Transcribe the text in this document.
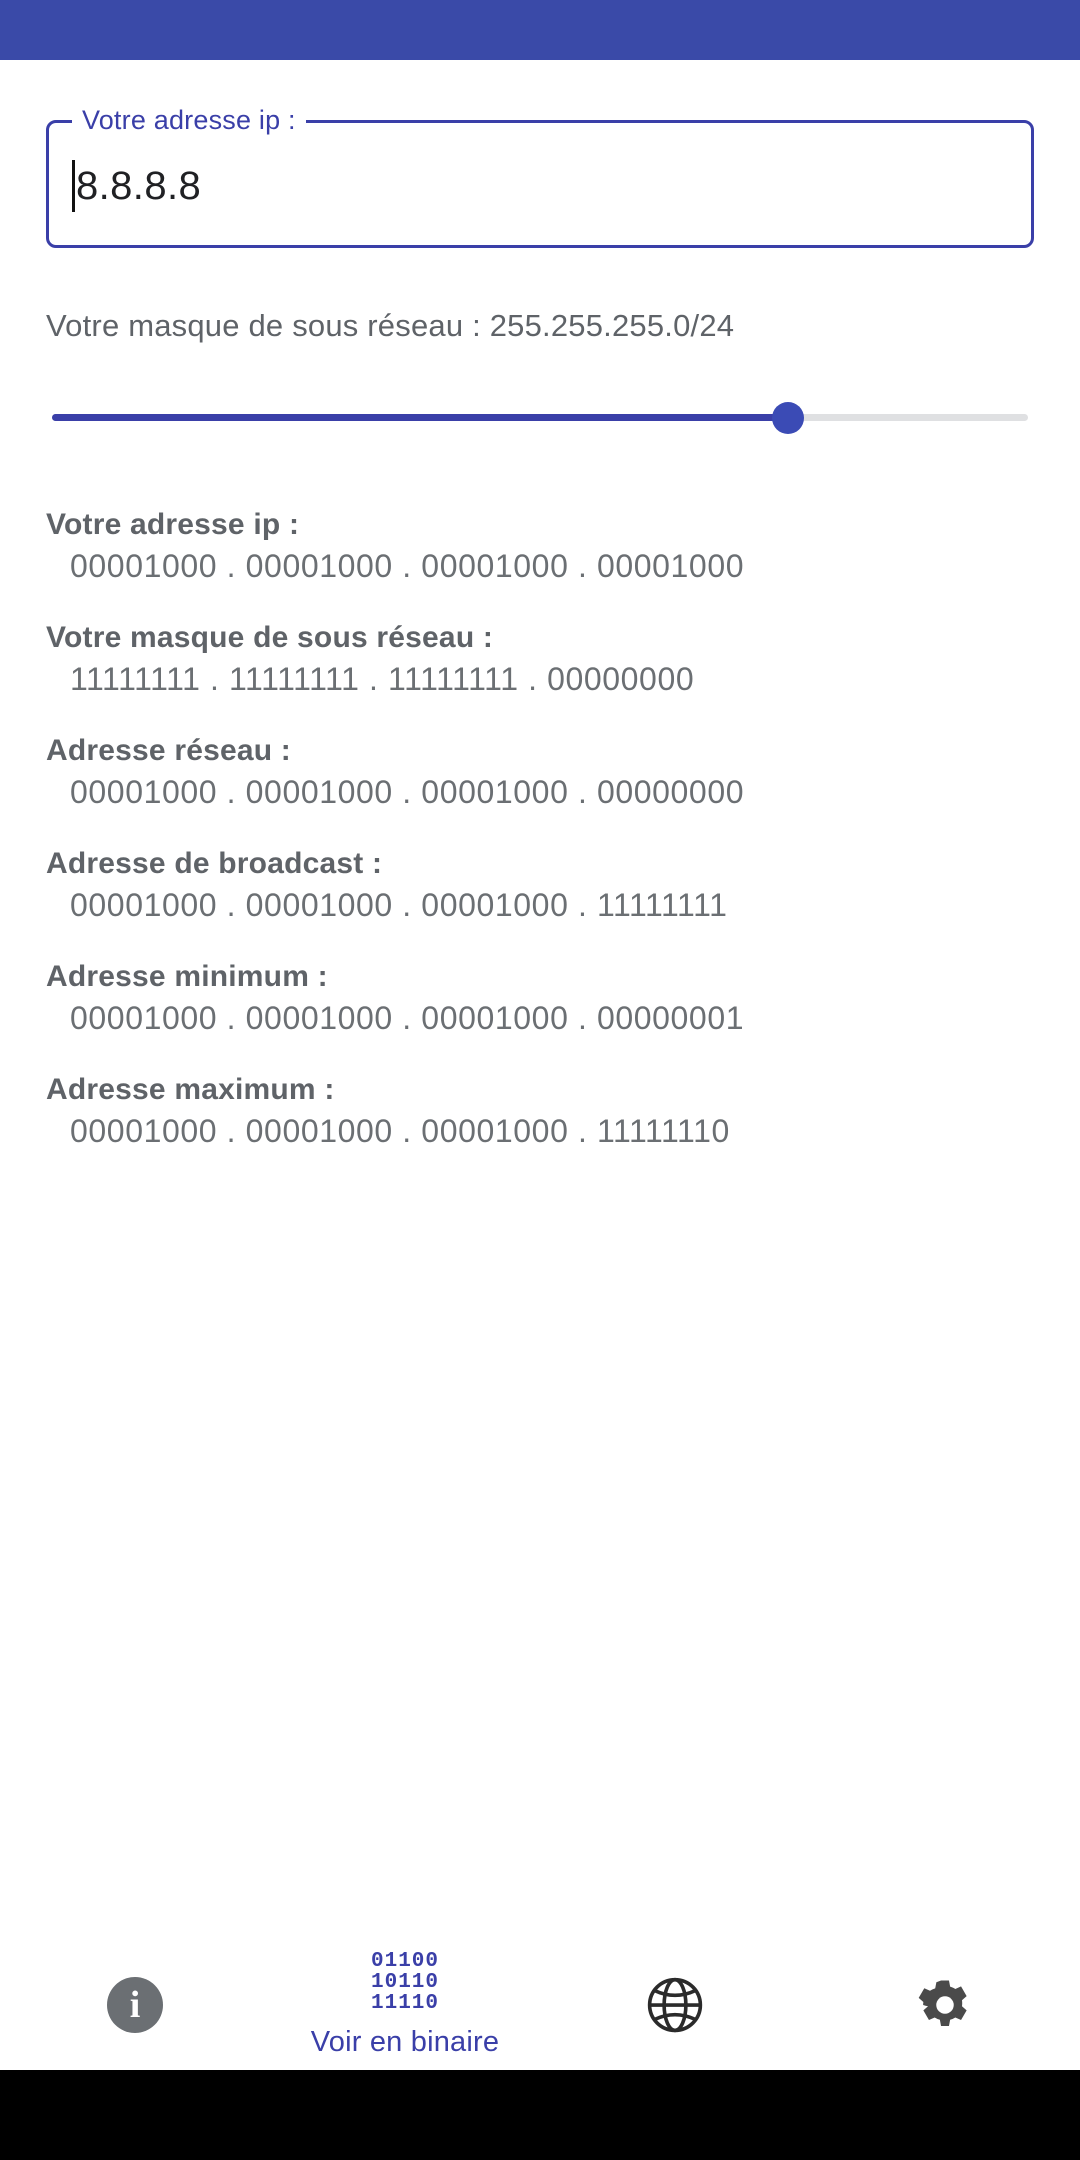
Votre adresse ip :
8.8.8.8
Votre masque de sous réseau : 255.255.255.0/24
Votre adresse ip :
00001000 . 00001000 . 00001000 . 00001000
Votre masque de sous réseau :
11111111 . 11111111 . 11111111 . 00000000
Adresse réseau :
00001000 . 00001000 . 00001000 . 00000000
Adresse de broadcast :
00001000 . 00001000 . 00001000 . 11111111
Adresse minimum :
00001000 . 00001000 . 00001000 . 00000001
Adresse maximum :
00001000 . 00001000 . 00001000 . 11111110
i
01100
10110
11110
Voir en binaire
